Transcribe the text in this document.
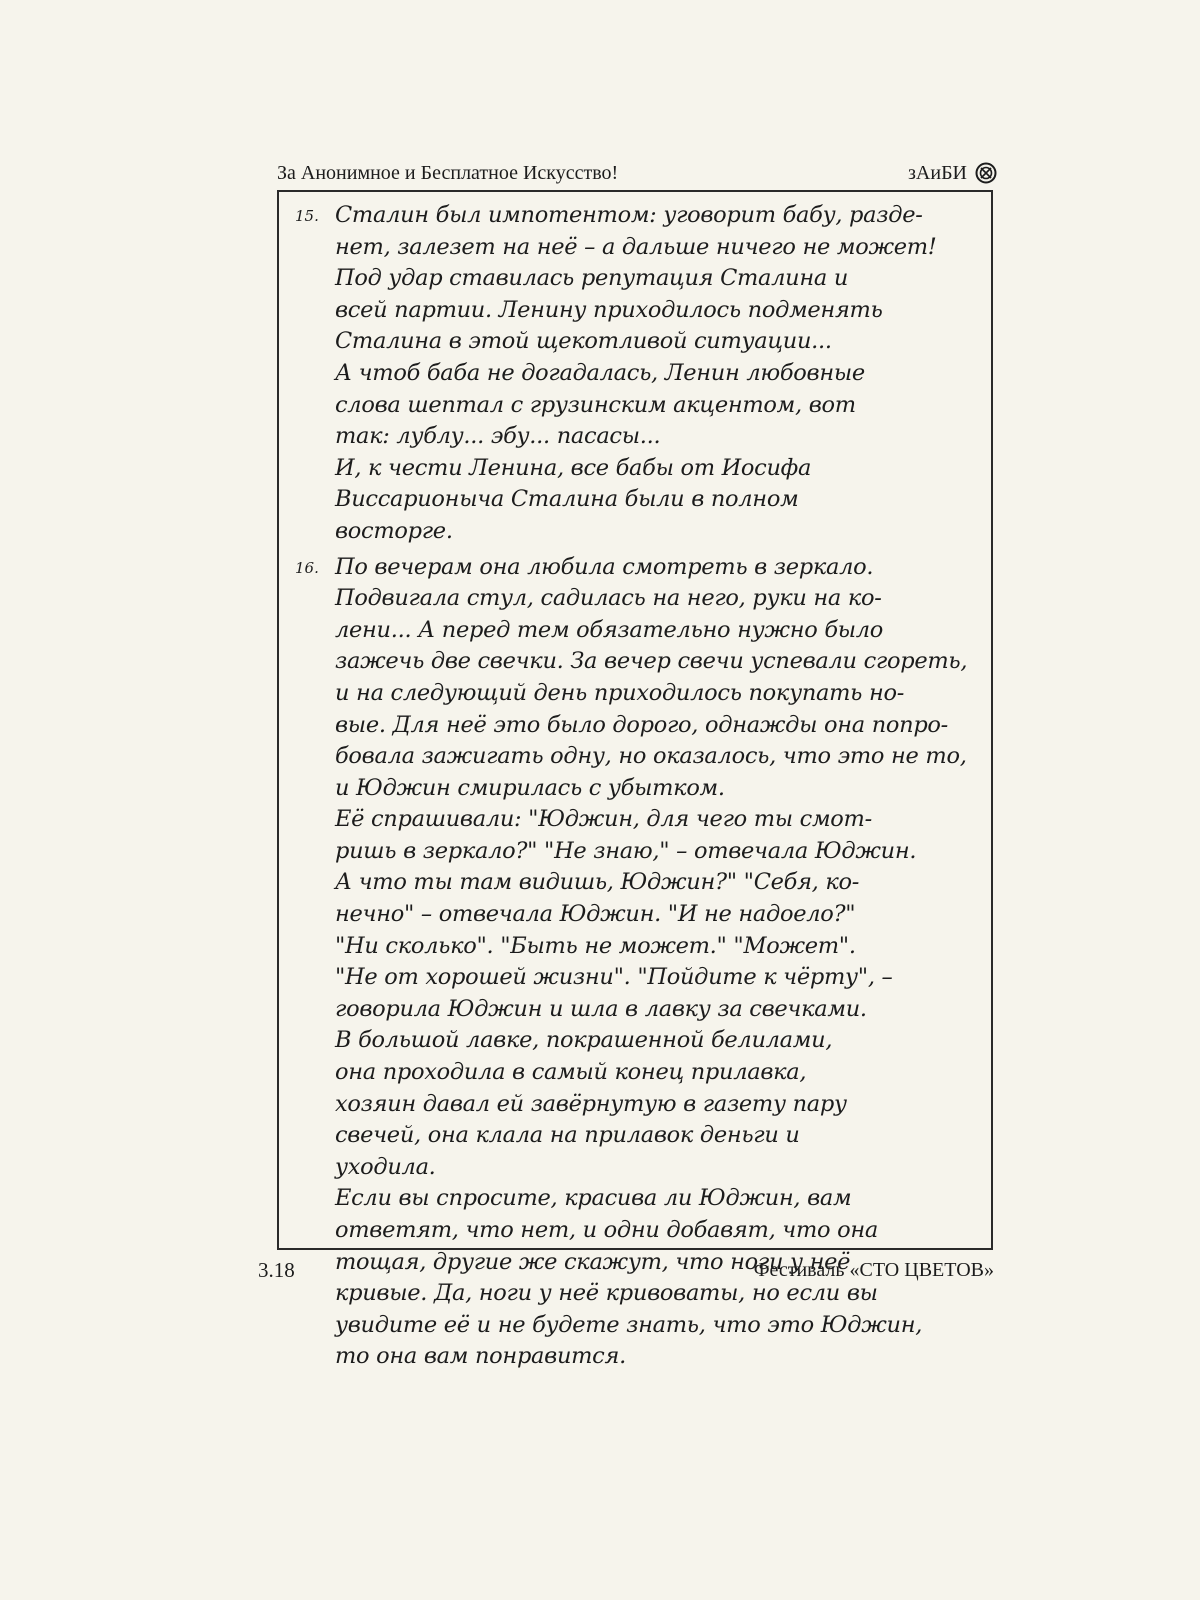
За Анонимное и Бесплатное Искусство!	зАиБИ
15. Сталин был импотентом: уговорит бабу, разде-
нет, залезет на неё – а дальше ничего не может!
Под удар ставилась репутация Сталина и
всей партии. Ленину приходилось подменять
Сталина в этой щекотливой ситуации...
А чтоб баба не догадалась, Ленин любовные
слова шептал с грузинским акцентом, вот
так: лублу... эбу... пасасы...
И, к чести Ленина, все бабы от Иосифа
Виссарионыча Сталина были в полном
восторге.
16. По вечерам она любила смотреть в зеркало.
Подвигала стул, садилась на него, руки на ко-
лени... А перед тем обязательно нужно было
зажечь две свечки. За вечер свечи успевали сгореть,
и на следующий день приходилось покупать но-
вые. Для неё это было дорого, однажды она попро-
бовала зажигать одну, но оказалось, что это не то,
и Юджин смирилась с убытком.
Её спрашивали: "Юджин, для чего ты смот-
ришь в зеркало?" "Не знаю," – отвечала Юджин.
А что ты там видишь, Юджин?" "Себя, ко-
нечно" – отвечала Юджин. "И не надоело?"
"Ни сколько". "Быть не может." "Может".
"Не от хорошей жизни". "Пойдите к чёрту", –
говорила Юджин и шла в лавку за свечками.
В большой лавке, покрашенной белилами,
она проходила в самый конец прилавка,
хозяин давал ей завёрнутую в газету пару
свечей, она клала на прилавок деньги и
уходила.
Если вы спросите, красива ли Юджин, вам
ответят, что нет, и одни добавят, что она
тощая, другие же скажут, что ноги у неё
кривые. Да, ноги у неё кривоваты, но если вы
увидите её и не будете знать, что это Юджин,
то она вам понравится.
3.18	Фестиваль «СТО ЦВЕТОВ»
